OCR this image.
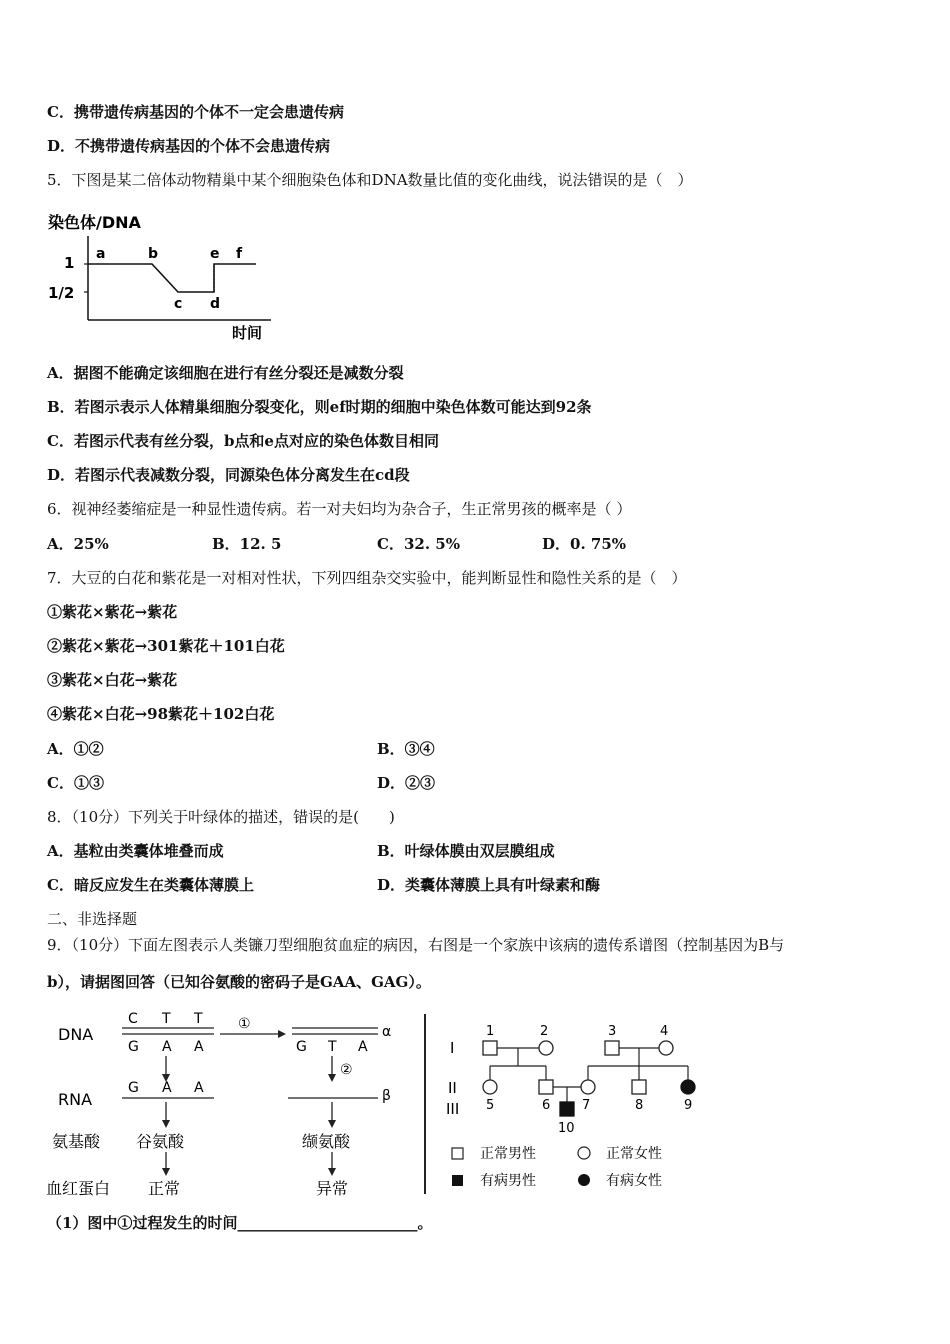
C．携带遗传病基因的个体不一定会患遗传病
D．不携带遗传病基因的个体不会患遗传病
5．下图是某二倍体动物精巢中某个细胞染色体和DNA数量比值的变化曲线，说法错误的是（　）
染色体/DNA
1
1/2
a	b
c d
e f
时间
A．据图不能确定该细胞在进行有丝分裂还是减数分裂
B．若图示表示人体精巢细胞分裂变化，则ef时期的细胞中染色体数可能达到92条
C．若图示代表有丝分裂，b点和e点对应的染色体数目相同
D．若图示代表减数分裂，同源染色体分离发生在cd段
6．视神经萎缩症是一种显性遗传病。若一对夫妇均为杂合子，生正常男孩的概率是（ ）
A．25%	B．12. 5	C．32. 5%	D．0. 75%
7．大豆的白花和紫花是一对相对性状，下列四组杂交实验中，能判断显性和隐性关系的是（　）
①紫花×紫花→紫花
②紫花×紫花→301紫花＋101白花
③紫花×白花→紫花
④紫花×白花→98紫花＋102白花
A．①②	B．③④
C．①③	D．②③
8．（10分）下列关于叶绿体的描述，错误的是(　　)
A．基粒由类囊体堆叠而成	B．叶绿体膜由双层膜组成
C．暗反应发生在类囊体薄膜上	D．类囊体薄膜上具有叶绿素和酶
二、非选择题
9．（10分）下面左图表示人类镰刀型细胞贫血症的病因，右图是一个家族中该病的遗传系谱图（控制基因为B与
b），请据图回答（已知谷氨酸的密码子是GAA、GAG）。
DNA
RNA
氨基酸
血红蛋白
C T T
G A A
①	α
G T A
G A A
谷氨酸
正常
②
β
缬氨酸
异常
I
II
III
1	2	3	4
5	6 7	8	9
10
正常男性	正常女性
有病男性	有病女性
（1）图中①过程发生的时间________________________。
